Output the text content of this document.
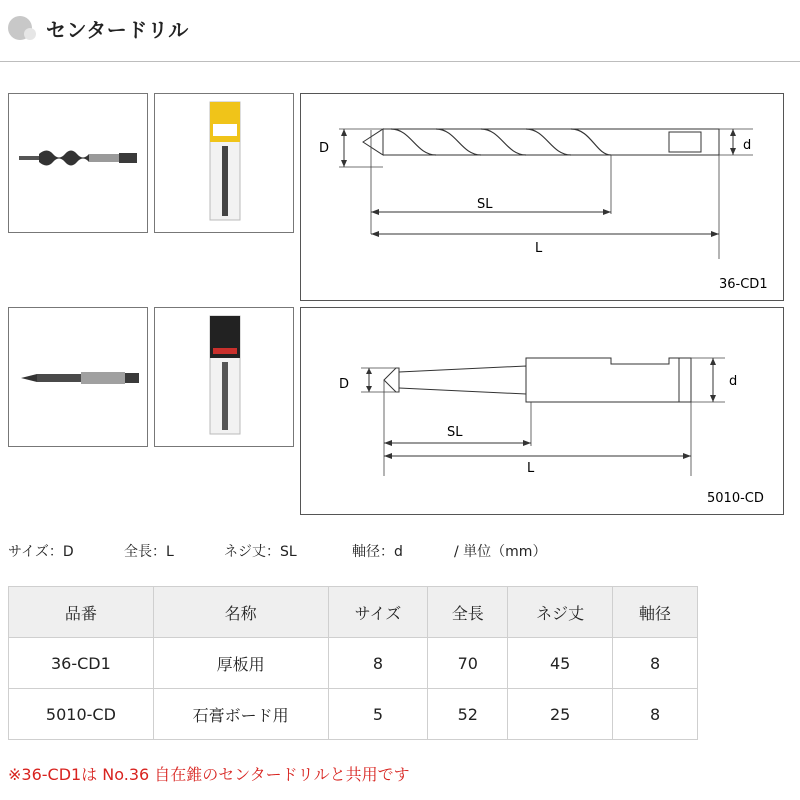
センタードリル
D	d
SL
L
36-CD1
D	d
SL
L
5010-CD
サイズ：D	全長：L	ネジ丈：SL	軸径：d	/ 単位（mm）
品番	名称	サイズ	全長	ネジ丈	軸径
36-CD1	厚板用	8	70	45	8
5010-CD	石膏ボード用	5	52	25	8
※36-CD1は No.36 自在錐のセンタードリルと共用です
